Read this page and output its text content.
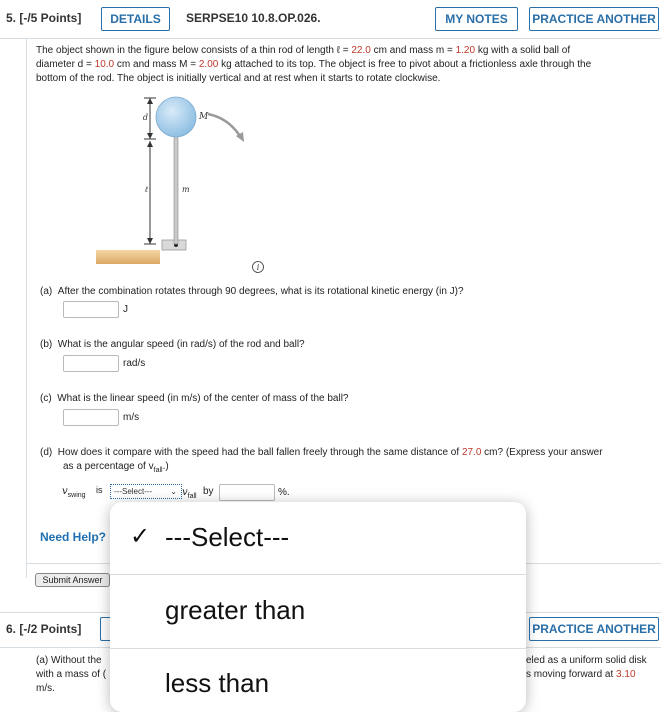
5. [-/5 Points]	DETAILS	SERPSE10 10.8.OP.026.	MY NOTES	PRACTICE ANOTHER
The object shown in the figure below consists of a thin rod of length ℓ = 22.0 cm and mass m = 1.20 kg with a solid ball of
diameter d = 10.0 cm and mass M = 2.00 kg attached to its top. The object is free to pivot about a frictionless axle through the
bottom of the rod. The object is initially vertical and at rest when it starts to rotate clockwise.
M
d
ℓ	m
i
(a) After the combination rotates through 90 degrees, what is its rotational kinetic energy (in J)?
J
(b) What is the angular speed (in rad/s) of the rod and ball?
rad/s
(c) What is the linear speed (in m/s) of the center of mass of the ball?
m/s
(d) How does it compare with the speed had the ball fallen freely through the same distance of 27.0 cm? (Express your answer
as a percentage of $v_{fall}$.)
$v_{swing}$
is	---Select--- ⌄ $v_{fall}$ by	%.
Need Help?
Submit Answer
6. [-/2 Points]	PRACTICE ANOTHER
(a) Without the
with a mass of (
m/s.
eled as a uniform solid disk
s moving forward at 3.10
✓ ---Select---
greater than
less than
